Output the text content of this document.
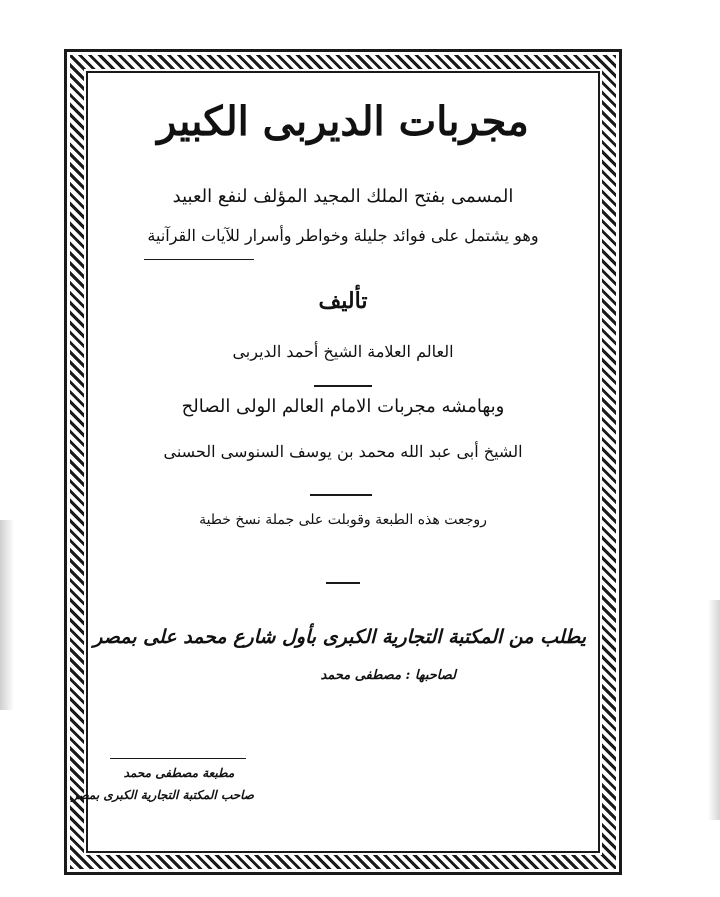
مجربات الديربى الكبير
المسمى بفتح الملك المجيد المؤلف لنفع العبيد
وهو يشتمل على فوائد جليلة وخواطر وأسرار للآيات القرآنية
تأليف
العالم العلامة الشيخ أحمد الديربى
وبهامشه مجربات الامام العالم الولى الصالح
الشيخ أبى عبد الله محمد بن يوسف السنوسى الحسنى
روجعت هذه الطبعة وقوبلت على جملة نسخ خطية
يطلب من المكتبة التجارية الكبرى بأول شارع محمد على بمصر
لصاحبها : مصطفى محمد
مطبعة مصطفى محمد
صاحب المكتبة التجارية الكبرى بمصر
